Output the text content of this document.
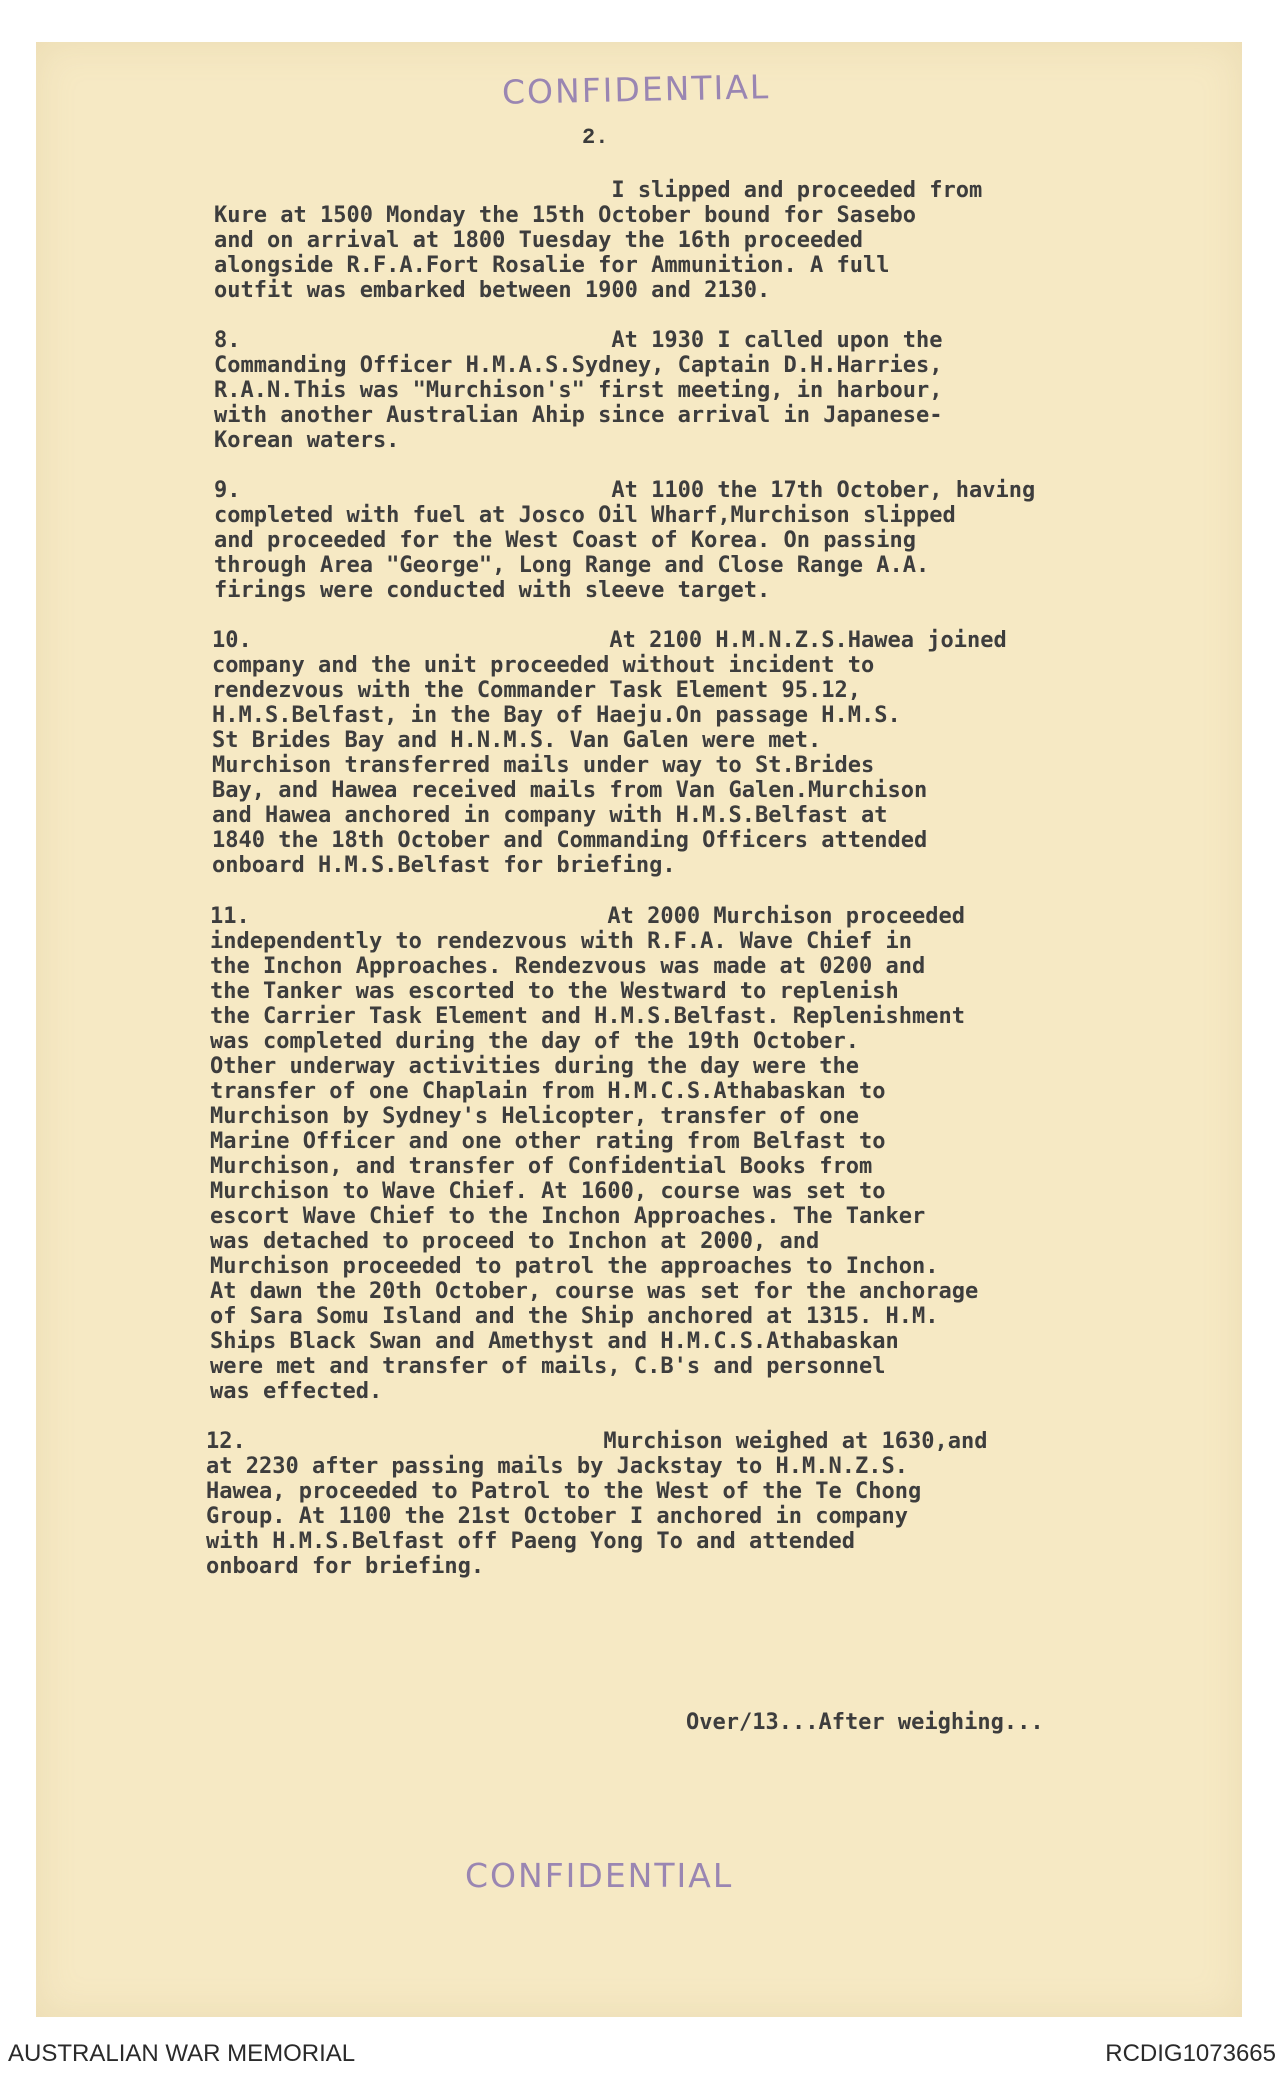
CONFIDENTIAL
2.
I slipped and proceeded from
Kure at 1500 Monday the 15th October bound for Sasebo
and on arrival at 1800 Tuesday the 16th proceeded
alongside R.F.A.Fort Rosalie for Ammunition. A full
outfit was embarked between 1900 and 2130.
8.                            At 1930 I called upon the
Commanding Officer H.M.A.S.Sydney, Captain D.H.Harries,
R.A.N.This was "Murchison's" first meeting, in harbour,
with another Australian Ahip since arrival in Japanese-
Korean waters.
9.                            At 1100 the 17th October, having
completed with fuel at Josco Oil Wharf,Murchison slipped
and proceeded for the West Coast of Korea. On passing
through Area "George", Long Range and Close Range A.A.
firings were conducted with sleeve target.
10.                           At 2100 H.M.N.Z.S.Hawea joined
company and the unit proceeded without incident to
rendezvous with the Commander Task Element 95.12,
H.M.S.Belfast, in the Bay of Haeju.On passage H.M.S.
St Brides Bay and H.N.M.S. Van Galen were met.
Murchison transferred mails under way to St.Brides
Bay, and Hawea received mails from Van Galen.Murchison
and Hawea anchored in company with H.M.S.Belfast at
1840 the 18th October and Commanding Officers attended
onboard H.M.S.Belfast for briefing.
11.                           At 2000 Murchison proceeded
independently to rendezvous with R.F.A. Wave Chief in
the Inchon Approaches. Rendezvous was made at 0200 and
the Tanker was escorted to the Westward to replenish
the Carrier Task Element and H.M.S.Belfast. Replenishment
was completed during the day of the 19th October.
Other underway activities during the day were the
transfer of one Chaplain from H.M.C.S.Athabaskan to
Murchison by Sydney's Helicopter, transfer of one
Marine Officer and one other rating from Belfast to
Murchison, and transfer of Confidential Books from
Murchison to Wave Chief. At 1600, course was set to
escort Wave Chief to the Inchon Approaches. The Tanker
was detached to proceed to Inchon at 2000, and
Murchison proceeded to patrol the approaches to Inchon.
At dawn the 20th October, course was set for the anchorage
of Sara Somu Island and the Ship anchored at 1315. H.M.
Ships Black Swan and Amethyst and H.M.C.S.Athabaskan
were met and transfer of mails, C.B's and personnel
was effected.
12.                           Murchison weighed at 1630,and
at 2230 after passing mails by Jackstay to H.M.N.Z.S.
Hawea, proceeded to Patrol to the West of the Te Chong
Group. At 1100 the 21st October I anchored in company
with H.M.S.Belfast off Paeng Yong To and attended
onboard for briefing.
Over/13...After weighing...
CONFIDENTIAL
AUSTRALIAN WAR MEMORIAL	RCDIG1073665
